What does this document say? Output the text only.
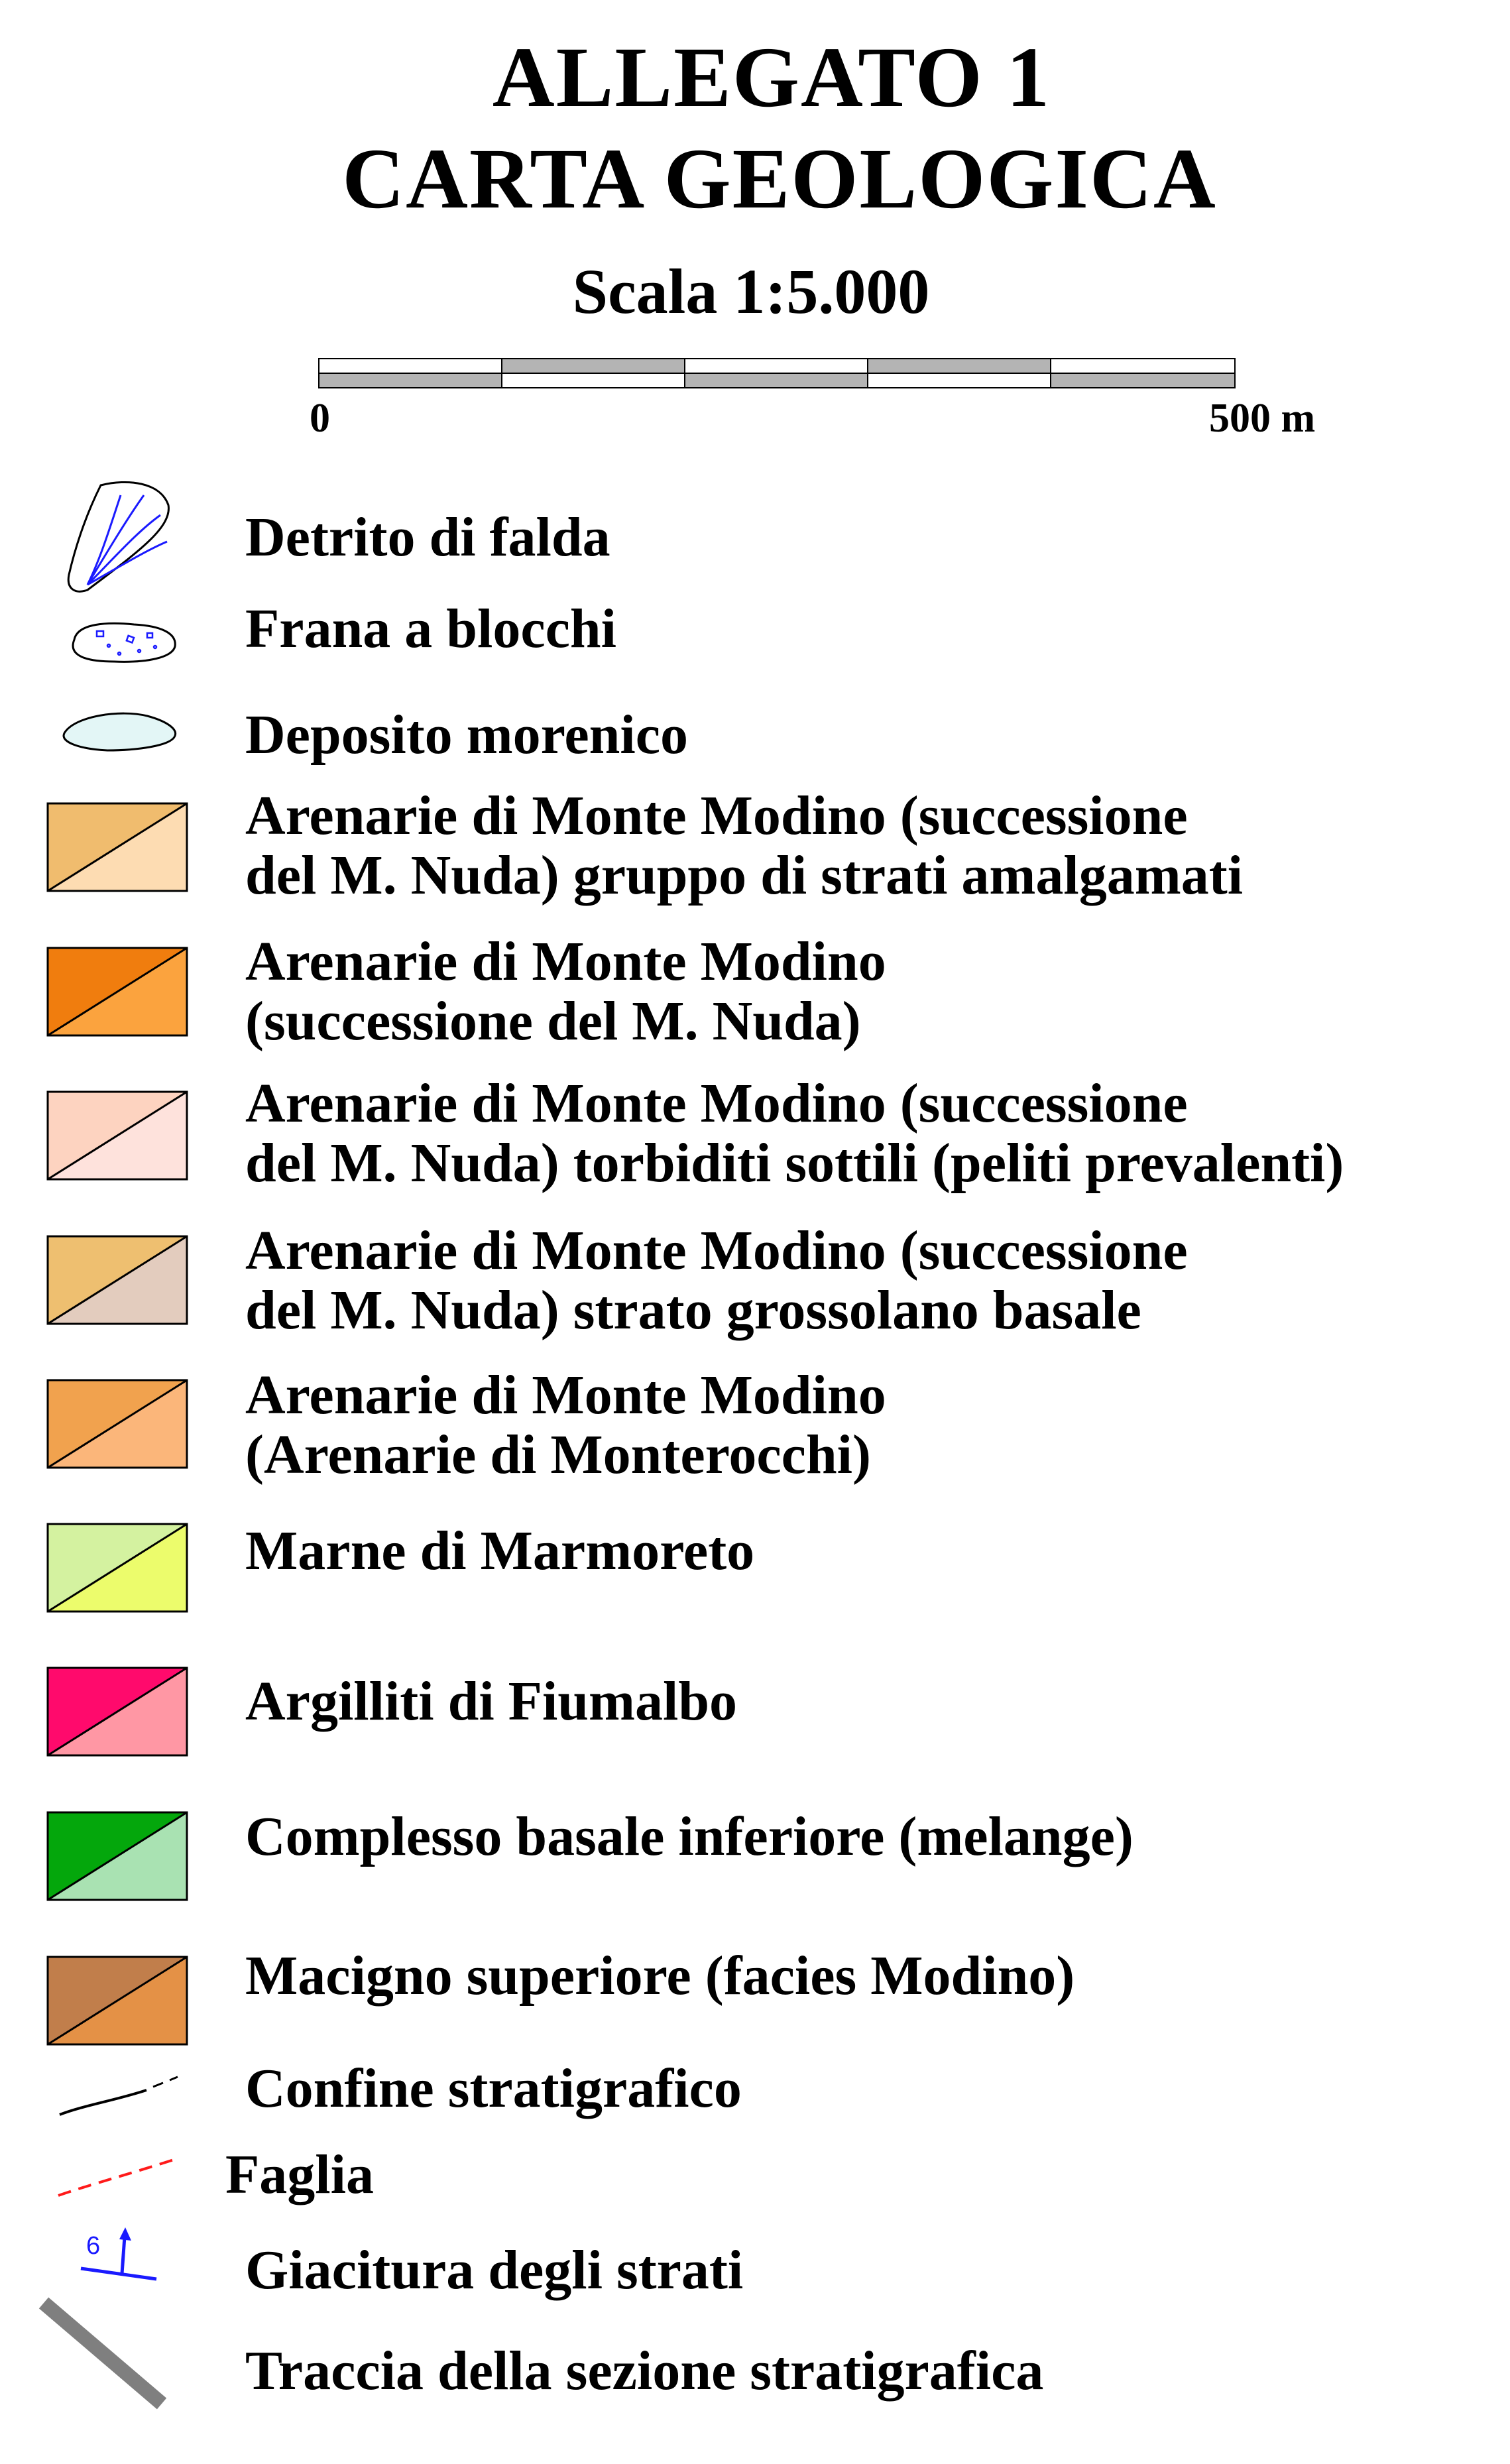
ALLEGATO 1
CARTA GEOLOGICA
Scala 1:5.000
0	500 m
Detrito di falda
Frana a blocchi
Deposito morenico
Arenarie di Monte Modino (successione
del M. Nuda) gruppo di strati amalgamati
Arenarie di Monte Modino
(successione del M. Nuda)
Arenarie di Monte Modino (successione
del M. Nuda) torbiditi sottili (peliti prevalenti)
Arenarie di Monte Modino (successione
del M. Nuda) strato grossolano basale
Arenarie di Monte Modino
(Arenarie di Monterocchi)
Marne di Marmoreto
Argilliti di Fiumalbo
Complesso basale inferiore (melange)
Macigno superiore (facies Modino)
Confine stratigrafico
Faglia
6	Giacitura degli strati
Traccia della sezione stratigrafica
